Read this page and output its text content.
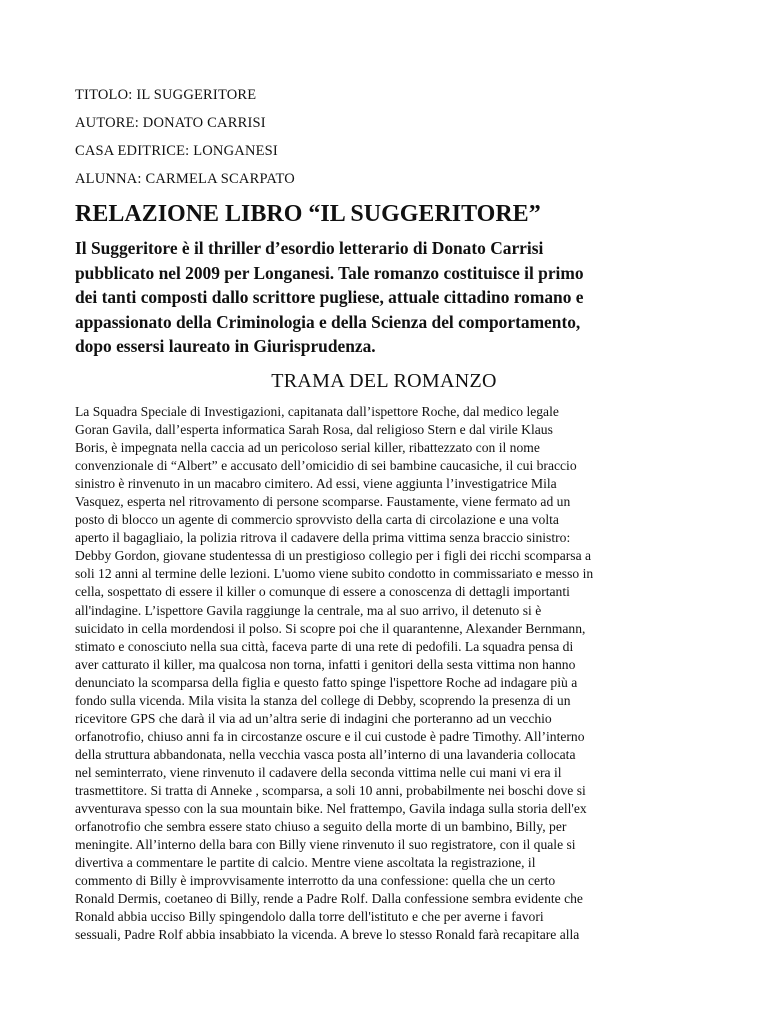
TITOLO: IL SUGGERITORE
AUTORE: DONATO CARRISI
CASA EDITRICE: LONGANESI
ALUNNA: CARMELA SCARPATO
RELAZIONE LIBRO “IL SUGGERITORE”
Il Suggeritore è il thriller d’esordio letterario di Donato Carrisi
pubblicato nel 2009 per Longanesi. Tale romanzo costituisce il primo
dei tanti composti dallo scrittore pugliese, attuale cittadino romano e
appassionato della Criminologia e della Scienza del comportamento,
dopo essersi laureato in Giurisprudenza.
TRAMA DEL ROMANZO
La Squadra Speciale di Investigazioni, capitanata dall’ispettore Roche, dal medico legale
Goran Gavila, dall’esperta informatica Sarah Rosa, dal religioso Stern e dal virile Klaus
Boris, è impegnata nella caccia ad un pericoloso serial killer, ribattezzato con il nome
convenzionale di “Albert” e accusato dell’omicidio di sei bambine caucasiche, il cui braccio
sinistro è rinvenuto in un macabro cimitero. Ad essi, viene aggiunta l’investigatrice Mila
Vasquez, esperta nel ritrovamento di persone scomparse. Faustamente, viene fermato ad un
posto di blocco un agente di commercio sprovvisto della carta di circolazione e una volta
aperto il bagagliaio, la polizia ritrova il cadavere della prima vittima senza braccio sinistro:
Debby Gordon, giovane studentessa di un prestigioso collegio per i figli dei ricchi scomparsa a
soli 12 anni al termine delle lezioni. L'uomo viene subito condotto in commissariato e messo in
cella, sospettato di essere il killer o comunque di essere a conoscenza di dettagli importanti
all'indagine. L’ispettore Gavila raggiunge la centrale, ma al suo arrivo, il detenuto si è
suicidato in cella mordendosi il polso. Si scopre poi che il quarantenne, Alexander Bernmann,
stimato e conosciuto nella sua città, faceva parte di una rete di pedofili. La squadra pensa di
aver catturato il killer, ma qualcosa non torna, infatti i genitori della sesta vittima non hanno
denunciato la scomparsa della figlia e questo fatto spinge l'ispettore Roche ad indagare più a
fondo sulla vicenda. Mila visita la stanza del college di Debby, scoprendo la presenza di un
ricevitore GPS che darà il via ad un’altra serie di indagini che porteranno ad un vecchio
orfanotrofio, chiuso anni fa in circostanze oscure e il cui custode è padre Timothy. All’interno
della struttura abbandonata, nella vecchia vasca posta all’interno di una lavanderia collocata
nel seminterrato, viene rinvenuto il cadavere della seconda vittima nelle cui mani vi era il
trasmettitore. Si tratta di Anneke , scomparsa, a soli 10 anni, probabilmente nei boschi dove si
avventurava spesso con la sua mountain bike. Nel frattempo, Gavila indaga sulla storia dell'ex
orfanotrofio che sembra essere stato chiuso a seguito della morte di un bambino, Billy, per
meningite. All’interno della bara con Billy viene rinvenuto il suo registratore, con il quale si
divertiva a commentare le partite di calcio. Mentre viene ascoltata la registrazione, il
commento di Billy è improvvisamente interrotto da una confessione: quella che un certo
Ronald Dermis, coetaneo di Billy, rende a Padre Rolf. Dalla confessione sembra evidente che
Ronald abbia ucciso Billy spingendolo dalla torre dell'istituto e che per averne i favori
sessuali, Padre Rolf abbia insabbiato la vicenda. A breve lo stesso Ronald farà recapitare alla
